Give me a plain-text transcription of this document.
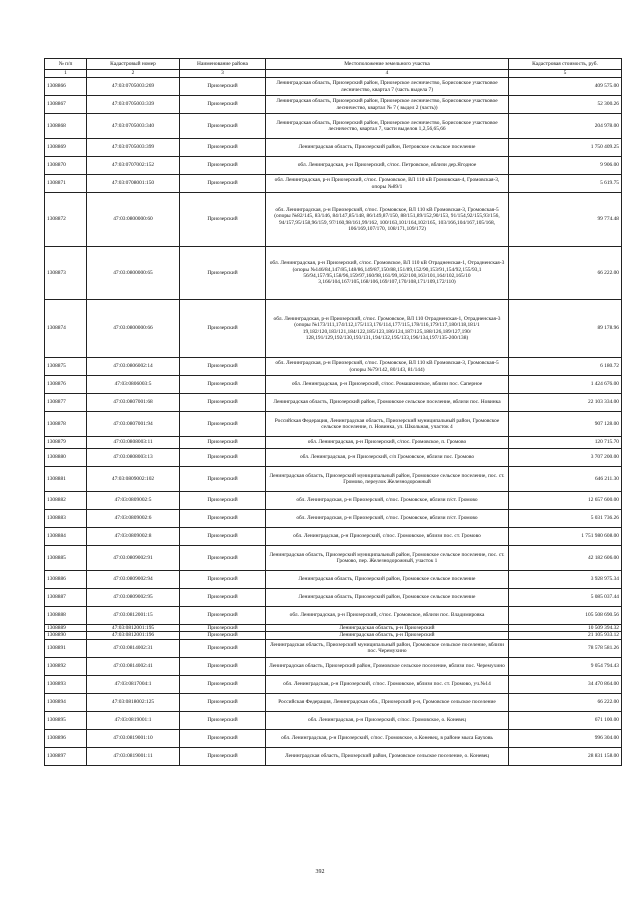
№ п/п	Кадастровый номер	Наименование района	Местоположение земельного участка	Кадастровая стоимость, руб.
1	2	3	4	5
1308866	47:03:0705003:269	Приозерский	Ленинградская область, Приозерский район, Приозерское лесничество, Борисовское участковое лесничество, квартал 7 (часть выдела 7)	409 575.00
1308867	47:03:0705003:339	Приозерский	Ленинградская область, Приозерский район, Приозерское лесничество, Борисовское участковое лесничество, квартал № 7 ( выдел 2 (часть))	52 300.26
1308868	47:03:0705003:340	Приозерский	Ленинградская область, Приозерский район, Приозерское лесничество, Борисовское участковое лесничество, квартал 7, части выделов 1,2,56,65,66	204 978.00
1308869	47:03:0705003:399	Приозерский	Ленинградская область, Приозерский район, Петровское сельское поселение	1 750 409.25
1308870	47:03:0707002:152	Приозерский	обл. Ленинградская, р-н Приозерский, с/пос. Петровское, вблизи дер.Ягодное	9 906.00
1308871	47:03:0708001:150	Приозерский	обл. Ленинградская, р-н Приозерский, с/пос. Громовское, ВЛ 110 кВ Громовская-4, Громовская-3, опоры №89/1	5 619.75
1308872	47:03:0800000:60	Приозерский	обл. Ленинградская, р-н Приозерский, с/пос. Громовское, ВЛ 110 кВ Громовская-3, Громовская-5 (опоры №82/145, 83/146, 84/147,85/148, 86/149,87/150, 88/151,89/152,90/153, 91/154,92/155,93/156, 94/157,95/158,96/159, 97/160,98/161,99/162, 100/163,101/164,102/165, 103/166,104/167,105/168, 106/169,107/170, 108/171,109/172)	99 774.48
1308873	47:03:0800000:65	Приозерский	обл. Ленинградская, р-н Приозерский, с/пос. Громовское, ВЛ 110 кВ Отрадненская-1, Отрадненская-3 (опоры №146/84,147/85,148/86,149/87,150/88,151/89,152/90,153/91,154/92,155/93,1 56/94,157/95,158/96,159/97,160/98,161/99,162/100,163/101,164/102,165/10 3,166/104,167/105,168/106,169/107,170/108,171/109,172/110)	66 222.00
1308874	47:03:0800000:66	Приозерский	обл. Ленинградская, р-н Приозерский, с/пос. Громовское, ВЛ 110 Отрадненская-1, Отрадненская-3 (опоры №173/111,174/112,175/113,176/114,177/115,178/116,179/117,180/118,181/1 19,182/120,183/121,184/122,185/123,186/124,187/125,188/126,189/127,190/ 128,191/129,192/130,193/131,194/132,195/133,196/134,197/135-200/138)	89 178.96
1308875	47:03:0806002:14	Приозерский	обл. Ленинградская, р-н Приозерский, с/пос. Громовское, ВЛ 110 кВ Громовская-3, Громовская-5 (опоры №79/142, 80/143, 81/144)	6 180.72
1308876	47:03:0806003:5	Приозерский	обл. Ленинградская, р-н Приозерский, с/пос. Ромашкинское, вблизи пос. Саперное	1 424 676.00
1308877	47:03:0807001:68	Приозерский	Ленинградская область, Приозерский район, Громовское сельское поселение, вблизи пос. Новинка	22 103 334.00
1308878	47:03:0807001:94	Приозерский	Российская Федерация, Ленинградская область, Приозерский муниципальный район, Громовское сельское поселение, п. Новинка, ул. Школьная, участок 4	907 128.00
1308879	47:03:0808003:11	Приозерский	обл. Ленинградская, р-н Приозерский, с/пос. Громовское, п. Громово	120 715.70
1308880	47:03:0808003:13	Приозерский	обл. Ленинградская, р-н Приозерский, с/п Громовское, вблизи пос. Громово	3 707 200.00
1308881	47:03:0809002:102	Приозерский	Ленинградская область, Приозерский муниципальный район, Громовское сельское поселение, пос. ст. Громово, переулок Железнодорожный	646 211.30
1308882	47:03:0809002:5	Приозерский	обл. Ленинградская, р-н Приозерский, с/пос. Громовское, вблизи п/ст. Громово	12 657 600.00
1308883	47:03:0809002:6	Приозерский	обл. Ленинградская, р-н Приозерский, с/пос. Громовское, вблизи п/ст. Громово	5 031 736.26
1308884	47:03:0809002:8	Приозерский	обл. Ленинградская, р-н Приозерский, с/пос. Громовское, вблизи пос. ст. Громово	1 751 980 608.00
1308885	47:03:0809002:91	Приозерский	Ленинградская область, Приозерский муниципальный район, Громовское сельское поселение, пос. ст. Громово, пер. Железнодорожный, участок 1	42 182 606.00
1308886	47:03:0809002:94	Приозерский	Ленинградская область, Приозерский район, Громовское сельское поселение	3 928 975.34
1308887	47:03:0809002:95	Приозерский	Ленинградская область, Приозерский район, Громовское сельское поселение	5 085 037.44
1308888	47:03:0812001:15	Приозерский	обл. Ленинградская, р-н Приозерский, с/пос. Громовское, вблизи пос. Владимировка	105 508 690.56
1308889	47:03:0812001:195	Приозерский	Ленинградская область, р-н Приозерский	10 509 394.32
1308890	47:03:0812001:196	Приозерский	Ленинградская область, р-н Приозерский	21 105 933.12
1308891	47:03:0814002:31	Приозерский	Ленинградская область, Приозерский муниципальный район, Громовское сельское поселение, вблизи пос. Черемухино	78 578 581.26
1308892	47:03:0814002:41	Приозерский	Ленинградская область, Приозерский район, Громовское сельское поселение, вблизи пос. Черемухино	9 054 794.43
1308893	47:03:0817004:1	Приозерский	обл. Ленинградская, р-н Приозерский, с/пос. Громовское, вблизи пос. ст. Громово, уч.№14	34 470 864.00
1308894	47:03:0818002:125	Приозерский	Российская Федерация, Ленинградская обл., Приозерский р-н, Громовское сельское поселение	66 222.00
1308895	47:03:0819001:1	Приозерский	обл. Ленинградская, р-н Приозерский, с/пос. Громовское, о. Коневец	671 100.00
1308896	47:03:0819001:10	Приозерский	обл. Ленинградская, р-н Приозерский, с/пос. Громовское, о.Коневец, в районе мыса Бауховь	996 304.00
1308897	47:03:0819001:11	Приозерский	Ленинградская область, Приозерский район, Громовское сельское поселение, о. Коневец	28 831 158.00
392
